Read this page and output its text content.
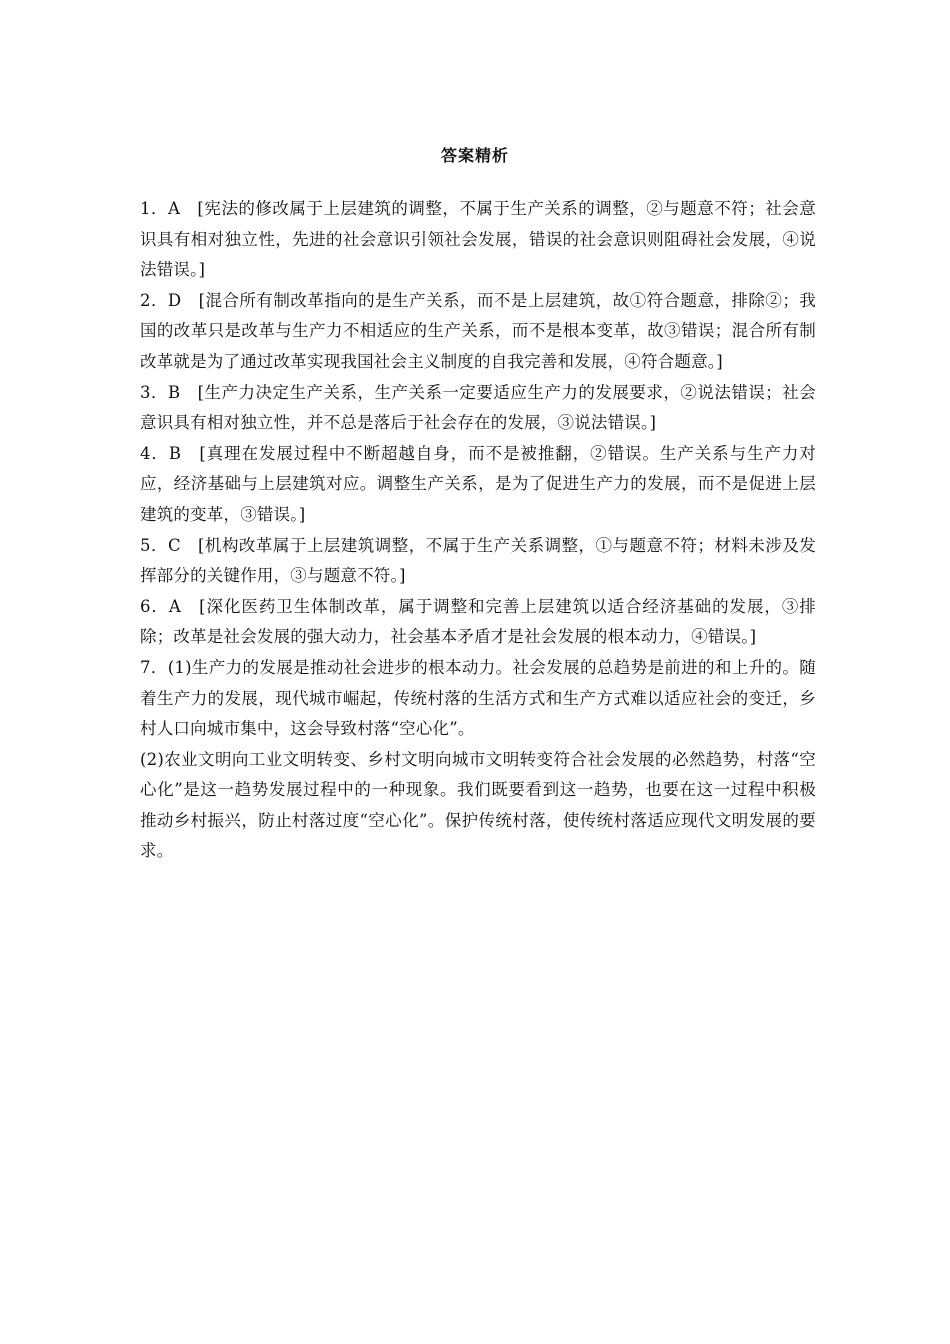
答案精析

1．A　[宪法的修改属于上层建筑的调整，不属于生产关系的调整，②与题意不符；社会意识具有相对独立性，先进的社会意识引领社会发展，错误的社会意识则阻碍社会发展，④说法错误。]

2．D　[混合所有制改革指向的是生产关系，而不是上层建筑，故①符合题意，排除②；我国的改革只是改革与生产力不相适应的生产关系，而不是根本变革，故③错误；混合所有制改革就是为了通过改革实现我国社会主义制度的自我完善和发展，④符合题意。]

3．B　[生产力决定生产关系，生产关系一定要适应生产力的发展要求，②说法错误；社会意识具有相对独立性，并不总是落后于社会存在的发展，③说法错误。]

4．B　[真理在发展过程中不断超越自身，而不是被推翻，②错误。生产关系与生产力对应，经济基础与上层建筑对应。调整生产关系，是为了促进生产力的发展，而不是促进上层建筑的变革，③错误。]

5．C　[机构改革属于上层建筑调整，不属于生产关系调整，①与题意不符；材料未涉及发挥部分的关键作用，③与题意不符。]

6．A　[深化医药卫生体制改革，属于调整和完善上层建筑以适合经济基础的发展，③排除；改革是社会发展的强大动力，社会基本矛盾才是社会发展的根本动力，④错误。]

7．(1)生产力的发展是推动社会进步的根本动力。社会发展的总趋势是前进的和上升的。随着生产力的发展，现代城市崛起，传统村落的生活方式和生产方式难以适应社会的变迁，乡村人口向城市集中，这会导致村落“空心化”。

(2)农业文明向工业文明转变、乡村文明向城市文明转变符合社会发展的必然趋势，村落“空心化”是这一趋势发展过程中的一种现象。我们既要看到这一趋势，也要在这一过程中积极推动乡村振兴，防止村落过度“空心化”。保护传统村落，使传统村落适应现代文明发展的要求。
